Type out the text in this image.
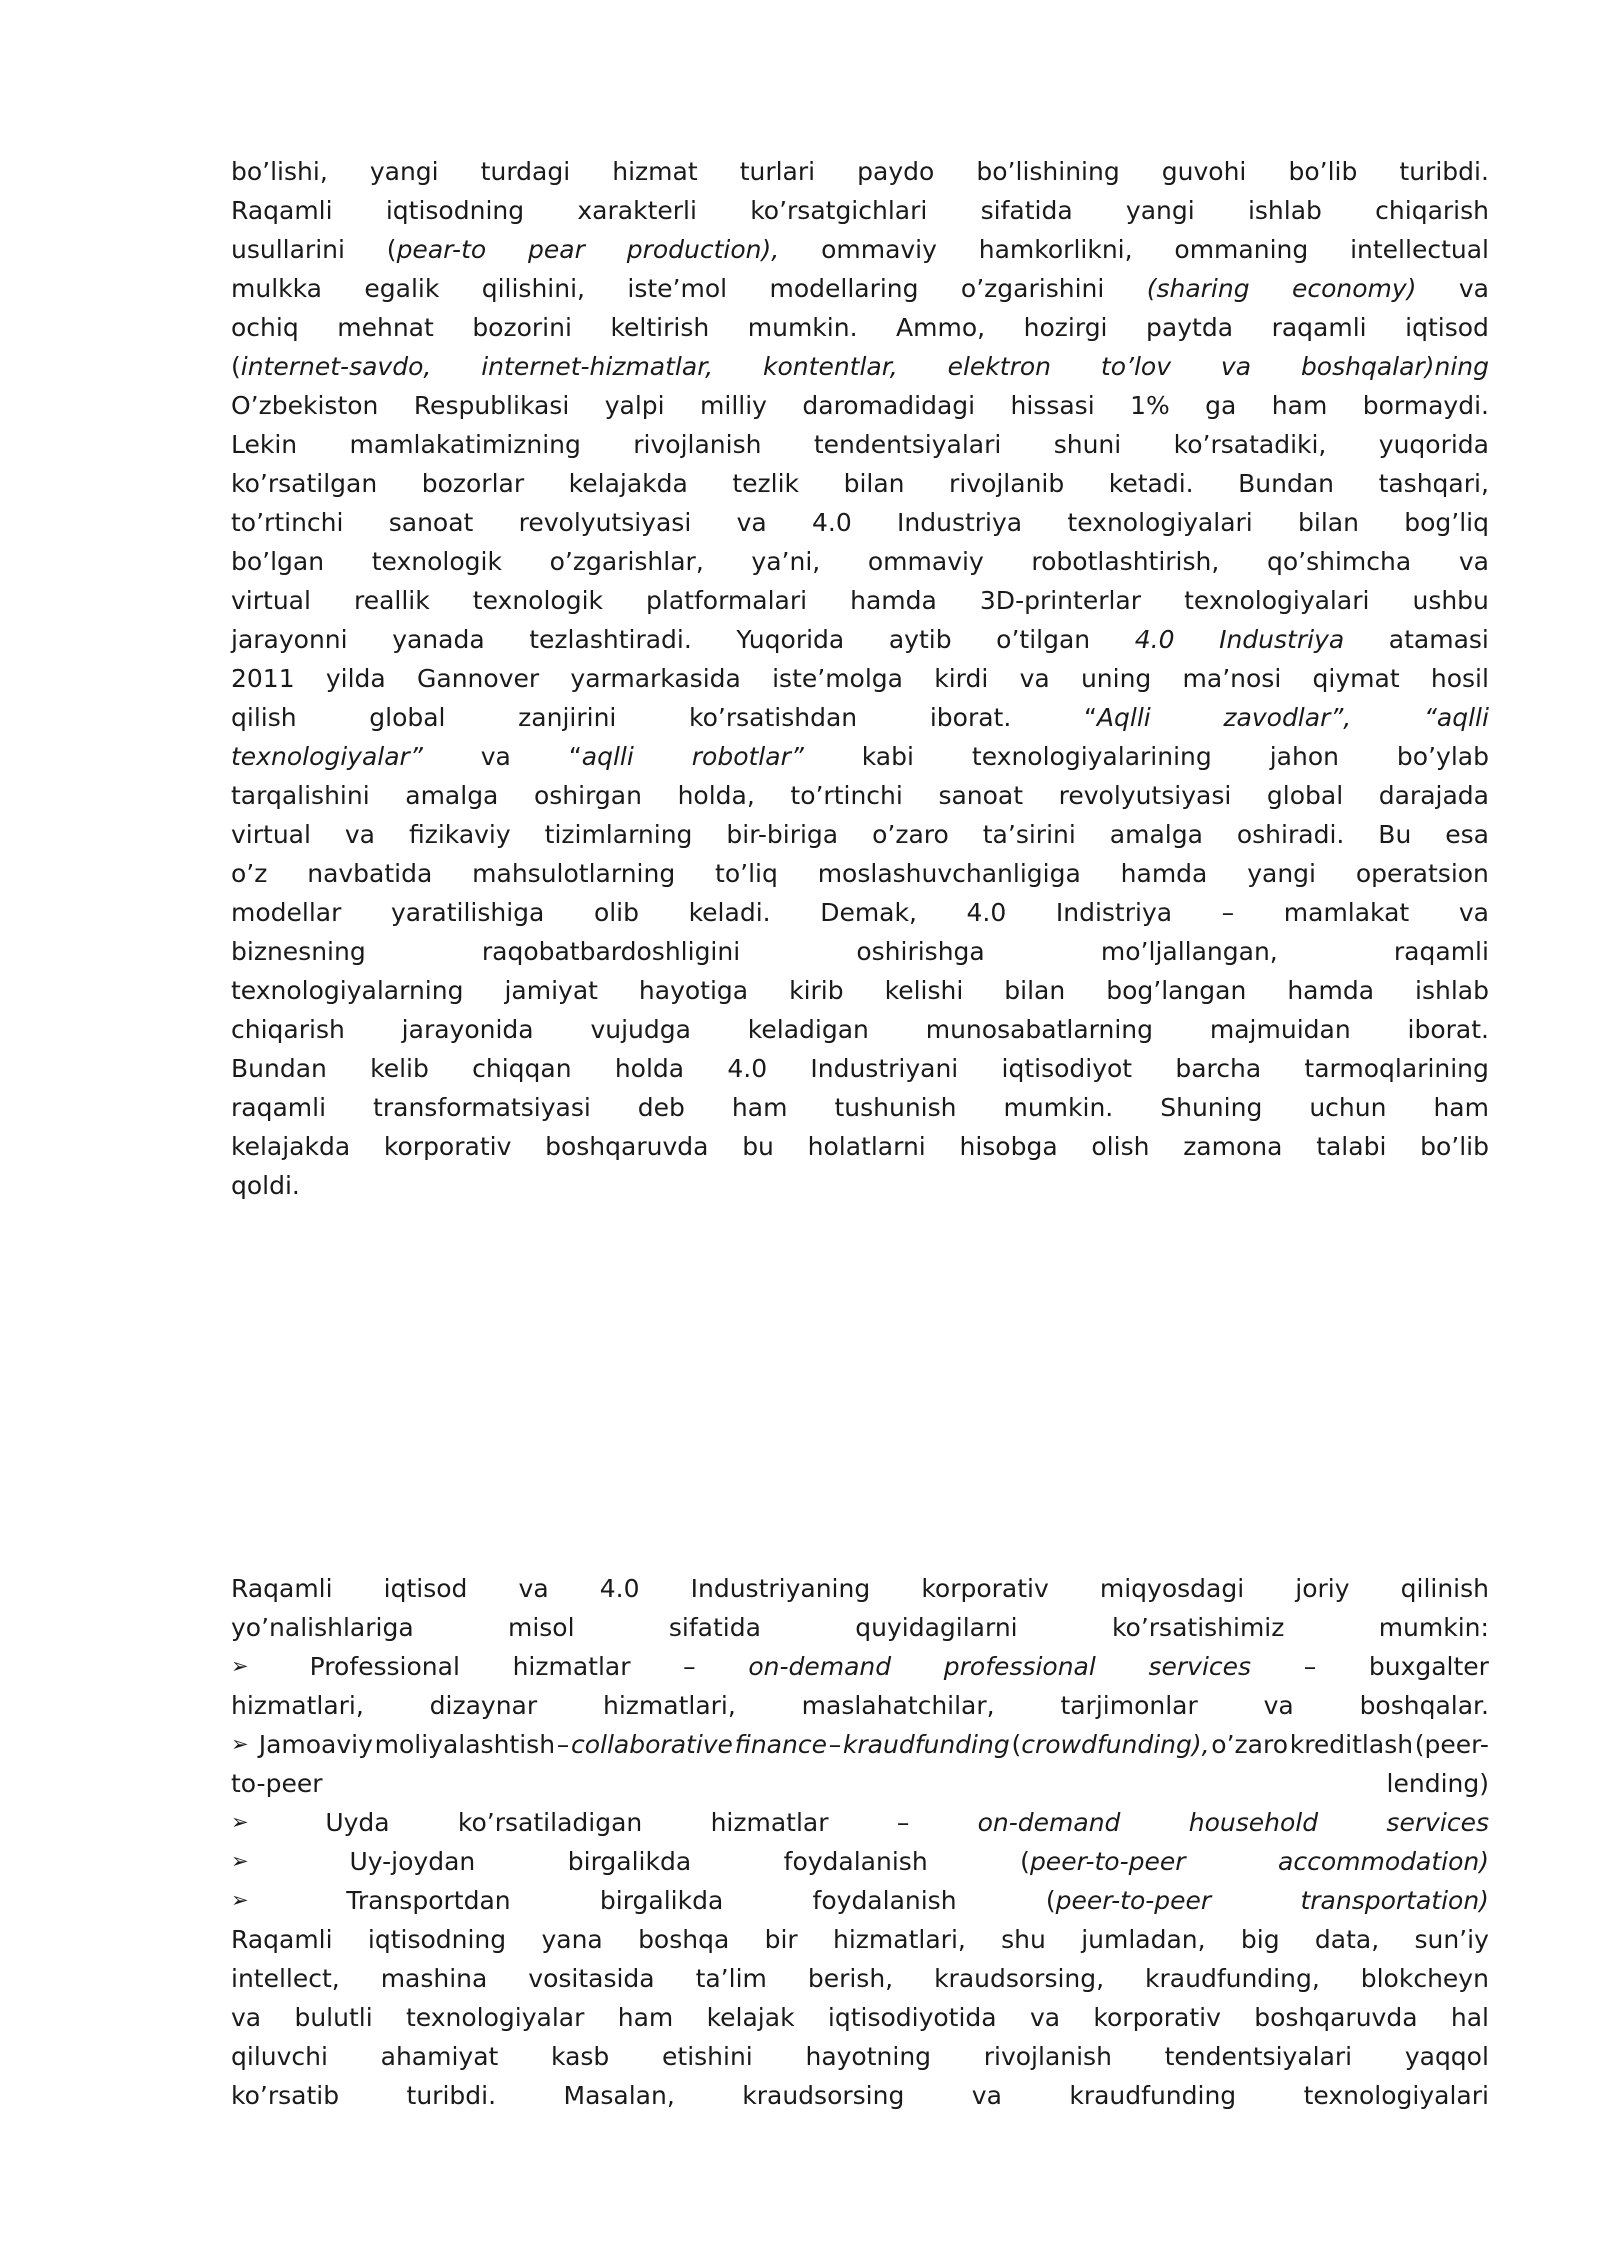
bo’lishi, yangi turdagi hizmat turlari paydo bo’lishining guvohi bo’lib turibdi.
Raqamli iqtisodning xarakterli ko’rsatgichlari sifatida yangi ishlab chiqarish
usullarini (pear-to pear production), ommaviy hamkorlikni, ommaning intellectual
mulkka egalik qilishini, iste’mol modellaring o’zgarishini (sharing economy) va
ochiq mehnat bozorini keltirish mumkin. Ammo, hozirgi paytda raqamli iqtisod
(internet-savdo, internet-hizmatlar, kontentlar, elektron to’lov va boshqalar)ning
O’zbekiston Respublikasi yalpi milliy daromadidagi hissasi 1% ga ham bormaydi.
Lekin mamlakatimizning rivojlanish tendentsiyalari shuni ko’rsatadiki, yuqorida
ko’rsatilgan bozorlar kelajakda tezlik bilan rivojlanib ketadi. Bundan tashqari,
to’rtinchi sanoat revolyutsiyasi va 4.0 Industriya texnologiyalari bilan bog’liq
bo’lgan texnologik o’zgarishlar, ya’ni, ommaviy robotlashtirish, qo’shimcha va
virtual reallik texnologik platformalari hamda 3D-printerlar texnologiyalari ushbu
jarayonni yanada tezlashtiradi. Yuqorida aytib o’tilgan 4.0 Industriya atamasi
2011 yilda Gannover yarmarkasida iste’molga kirdi va uning ma’nosi qiymat hosil
qilish	global	zanjirini	ko’rsatishdan	iborat.	“Aqlli	zavodlar”,	“aqlli
texnologiyalar” va “aqlli robotlar” kabi texnologiyalarining jahon bo’ylab
tarqalishini amalga oshirgan holda, to’rtinchi sanoat revolyutsiyasi global darajada
virtual va fizikaviy tizimlarning bir-biriga o’zaro ta’sirini amalga oshiradi. Bu esa
o’z navbatida mahsulotlarning to’liq moslashuvchanligiga hamda yangi operatsion
modellar yaratilishiga olib keladi. Demak, 4.0 Indistriya – mamlakat va
biznesning	raqobatbardoshligini	oshirishga	mo’ljallangan,	raqamli
texnologiyalarning jamiyat hayotiga kirib kelishi bilan bog’langan hamda ishlab
chiqarish jarayonida vujudga keladigan munosabatlarning majmuidan iborat.
Bundan kelib chiqqan holda 4.0 Industriyani iqtisodiyot barcha tarmoqlarining
raqamli transformatsiyasi deb ham tushunish mumkin. Shuning uchun ham
kelajakda korporativ boshqaruvda bu holatlarni hisobga olish zamona talabi bo’lib
qoldi.
Raqamli iqtisod va 4.0 Industriyaning korporativ miqyosdagi joriy qilinish
yo’nalishlariga	misol	sifatida	quyidagilarni	ko’rsatishimiz	mumkin:
➢	Professional hizmatlar – on-demand professional services – buxgalter
hizmatlari,	dizaynar	hizmatlari,	maslahatchilar,	tarjimonlar	va	boshqalar.
➢ Jamoaviy moliyalashtish – collaborative finance – kraudfunding (crowdfunding), o’zaro kreditlash (peer-
to-peer	lending)
➢	Uyda	ko’rsatiladigan	hizmatlar	–	on-demand	household	services
➢	Uy-joydan	birgalikda	foydalanish	(peer-to-peer	accommodation)
➢	Transportdan	birgalikda	foydalanish	(peer-to-peer	transportation)
Raqamli iqtisodning yana boshqa bir hizmatlari, shu jumladan, big data, sun’iy
intellect, mashina vositasida ta’lim berish, kraudsorsing, kraudfunding, blokcheyn
va bulutli texnologiyalar ham kelajak iqtisodiyotida va korporativ boshqaruvda hal
qiluvchi ahamiyat kasb etishini hayotning rivojlanish tendentsiyalari yaqqol
ko’rsatib	turibdi.	Masalan,	kraudsorsing	va	kraudfunding	texnologiyalari
